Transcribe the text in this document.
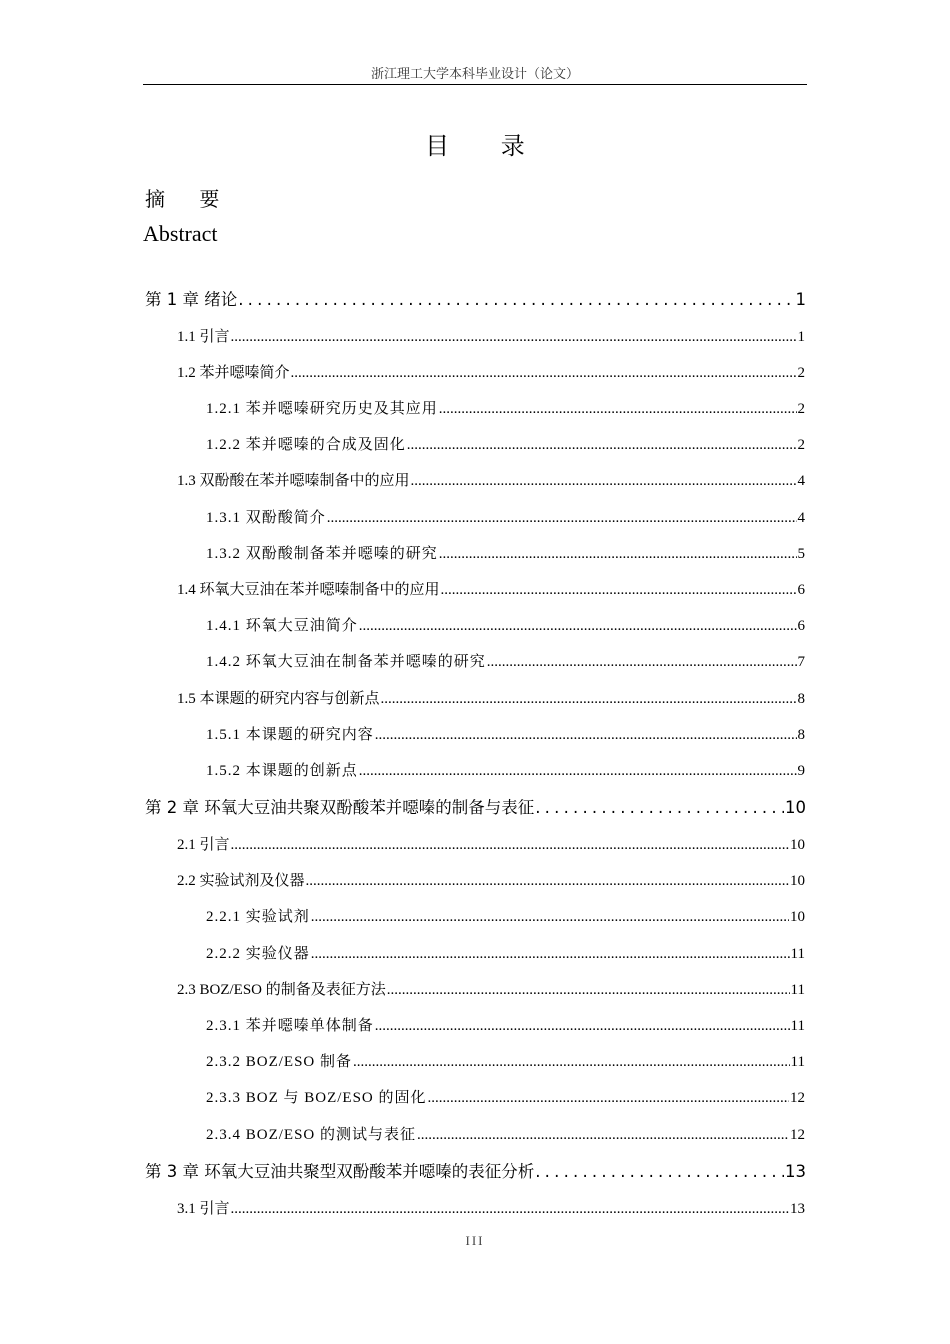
浙江理工大学本科毕业设计（论文）
目 录
摘 要
Abstract
第 1 章 绪论 .....	1
1.1 引言 .....	1
1.2 苯并噁嗪简介 .....	2
1.2.1 苯并噁嗪研究历史及其应用 .....	2
1.2.2 苯并噁嗪的合成及固化 .....	2
1.3 双酚酸在苯并噁嗪制备中的应用 .....	4
1.3.1 双酚酸简介 .....	4
1.3.2 双酚酸制备苯并噁嗪的研究 .....	5
1.4 环氧大豆油在苯并噁嗪制备中的应用 .....	6
1.4.1 环氧大豆油简介 .....	6
1.4.2 环氧大豆油在制备苯并噁嗪的研究 .....	7
1.5 本课题的研究内容与创新点 .....	8
1.5.1 本课题的研究内容 .....	8
1.5.2 本课题的创新点 .....	9
第 2 章 环氧大豆油共聚双酚酸苯并噁嗪的制备与表征 .....	10
2.1 引言 .....	10
2.2 实验试剂及仪器 .....	10
2.2.1 实验试剂 .....	10
2.2.2 实验仪器 .....	11
2.3 BOZ/ESO 的制备及表征方法 .....	11
2.3.1 苯并噁嗪单体制备 .....	11
2.3.2 BOZ/ESO 制备 .....	11
2.3.3 BOZ 与 BOZ/ESO 的固化 .....	12
2.3.4 BOZ/ESO 的测试与表征 .....	12
第 3 章 环氧大豆油共聚型双酚酸苯并噁嗪的表征分析 .....	13
3.1 引言 .....	13
III
